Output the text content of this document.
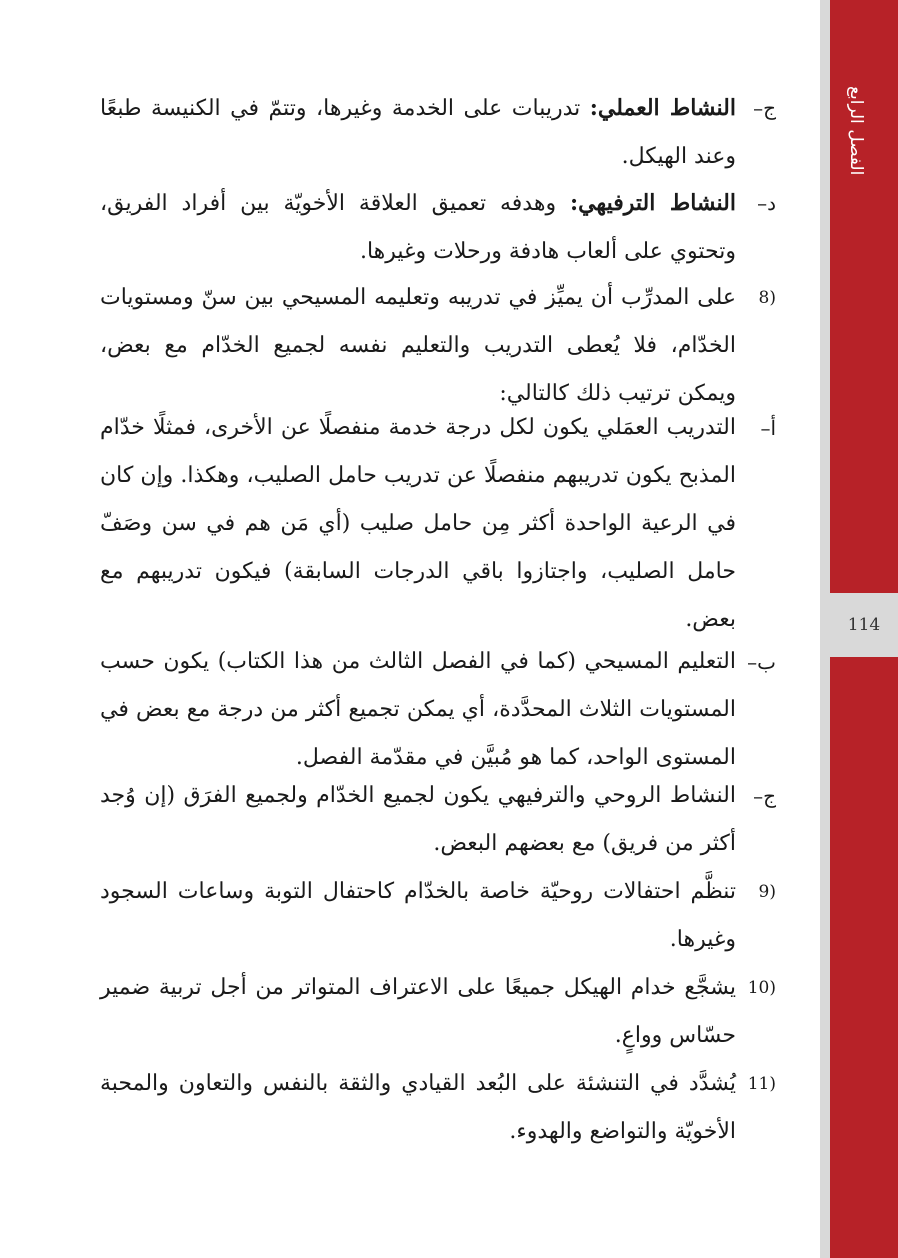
ج–
النشاط العملي: تدريبات على الخدمة وغيرها، وتتمّ في الكنيسة طبعًا وعند الهيكل.
د–
النشاط الترفيهي: وهدفه تعميق العلاقة الأخويّة بين أفراد الفريق، وتحتوي على ألعاب هادفة ورحلات وغيرها.
8)
على المدرِّب أن يميِّز في تدريبه وتعليمه المسيحي بين سنّ ومستويات الخدّام، فلا يُعطى التدريب والتعليم نفسه لجميع الخدّام مع بعض، ويمكن ترتيب ذلك كالتالي:
أ–
التدريب العمَلي يكون لكل درجة خدمة منفصلًا عن الأخرى، فمثلًا خدّام المذبح يكون تدريبهم منفصلًا عن تدريب حامل الصليب، وهكذا. وإن كان في الرعية الواحدة أكثر مِن حامل صليب (أي مَن هم في سن وصَفّ حامل الصليب، واجتازوا باقي الدرجات السابقة) فيكون تدريبهم مع بعض.
ب–
التعليم المسيحي (كما في الفصل الثالث من هذا الكتاب) يكون حسب المستويات الثلاث المحدَّدة، أي يمكن تجميع أكثر من درجة مع بعض في المستوى الواحد، كما هو مُبيَّن في مقدّمة الفصل.
ج–
النشاط الروحي والترفيهي يكون لجميع الخدّام ولجميع الفرَق (إن وُجد أكثر من فريق) مع بعضهم البعض.
9)
تنظَّم احتفالات روحيّة خاصة بالخدّام كاحتفال التوبة وساعات السجود وغيرها.
10)
يشجَّع خدام الهيكل جميعًا على الاعتراف المتواتر من أجل تربية ضمير حسّاس وواعٍ.
11)
يُشدَّد في التنشئة على البُعد القيادي والثقة بالنفس والتعاون والمحبة الأخويّة والتواضع والهدوء.
الفصل الرابع
114
